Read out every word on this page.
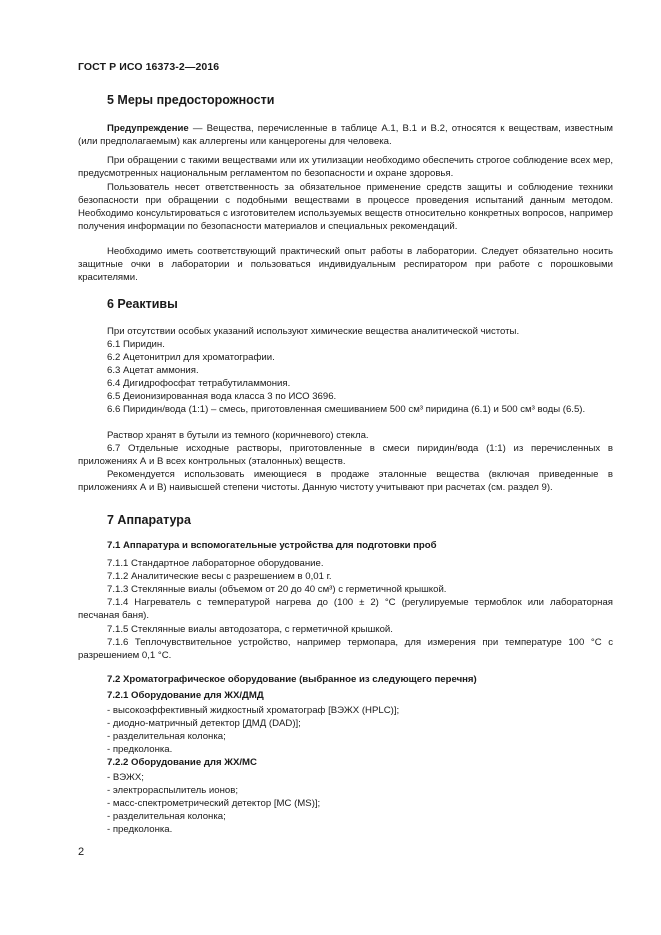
ГОСТ Р ИСО 16373-2—2016
5 Меры предосторожности

Предупреждение — Вещества, перечисленные в таблице А.1, В.1 и В.2, относятся к веществам, известным (или предполагаемым) как аллергены или канцерогены для человека.

При обращении с такими веществами или их утилизации необходимо обеспечить строгое соблюдение всех мер, предусмотренных национальным регламентом по безопасности и охране здоровья.

Пользователь несет ответственность за обязательное применение средств защиты и соблюдение техники безопасности при обращении с подобными веществами в процессе проведения испытаний данным методом. Необходимо консультироваться с изготовителем используемых веществ относительно конкретных вопросов, например получения информации по безопасности материалов и специальных рекомендаций.

Необходимо иметь соответствующий практический опыт работы в лаборатории. Следует обязательно носить защитные очки в лаборатории и пользоваться индивидуальным респиратором при работе с порошковыми красителями.

6 Реактивы

При отсутствии особых указаний используют химические вещества аналитической чистоты.

6.1 Пиридин.

6.2 Ацетонитрил для хроматографии.

6.3 Ацетат аммония.

6.4 Дигидрофосфат тетрабутиламмония.

6.5 Деионизированная вода класса 3 по ИСО 3696.

6.6 Пиридин/вода (1:1) – смесь, приготовленная смешиванием 500 см³ пиридина (6.1) и 500 см³ воды (6.5).

Раствор хранят в бутыли из темного (коричневого) стекла.

6.7 Отдельные исходные растворы, приготовленные в смеси пиридин/вода (1:1) из перечисленных в приложениях А и В всех контрольных (эталонных) веществ.

Рекомендуется использовать имеющиеся в продаже эталонные вещества (включая приведенные в приложениях А и В) наивысшей степени чистоты. Данную чистоту учитывают при расчетах (см. раздел 9).

7 Аппаратура
7.1 Аппаратура и вспомогательные устройства для подготовки проб

7.1.1 Стандартное лабораторное оборудование.

7.1.2 Аналитические весы с разрешением в 0,01 г.

7.1.3 Стеклянные виалы (объемом от 20 до 40 см³) с герметичной крышкой.

7.1.4 Нагреватель с температурой нагрева до (100 ± 2) °С (регулируемые термоблок или лабораторная песчаная баня).

7.1.5 Стеклянные виалы автодозатора, с герметичной крышкой.

7.1.6 Теплочувствительное устройство, например термопара, для измерения при температуре 100 °С с разрешением 0,1 °С.

7.2 Хроматографическое оборудование (выбранное из следующего перечня)
7.2.1 Оборудование для ЖХ/ДМД

- высокоэффективный жидкостный хроматограф [ВЭЖХ (HPLC)];

- диодно-матричный детектор [ДМД (DAD)];

- разделительная колонка;

- предколонка.

7.2.2 Оборудование для ЖХ/МС

- ВЭЖХ;

- электрораспылитель ионов;

- масс-спектрометрический детектор [МС (MS)];

- разделительная колонка;

- предколонка.

2
